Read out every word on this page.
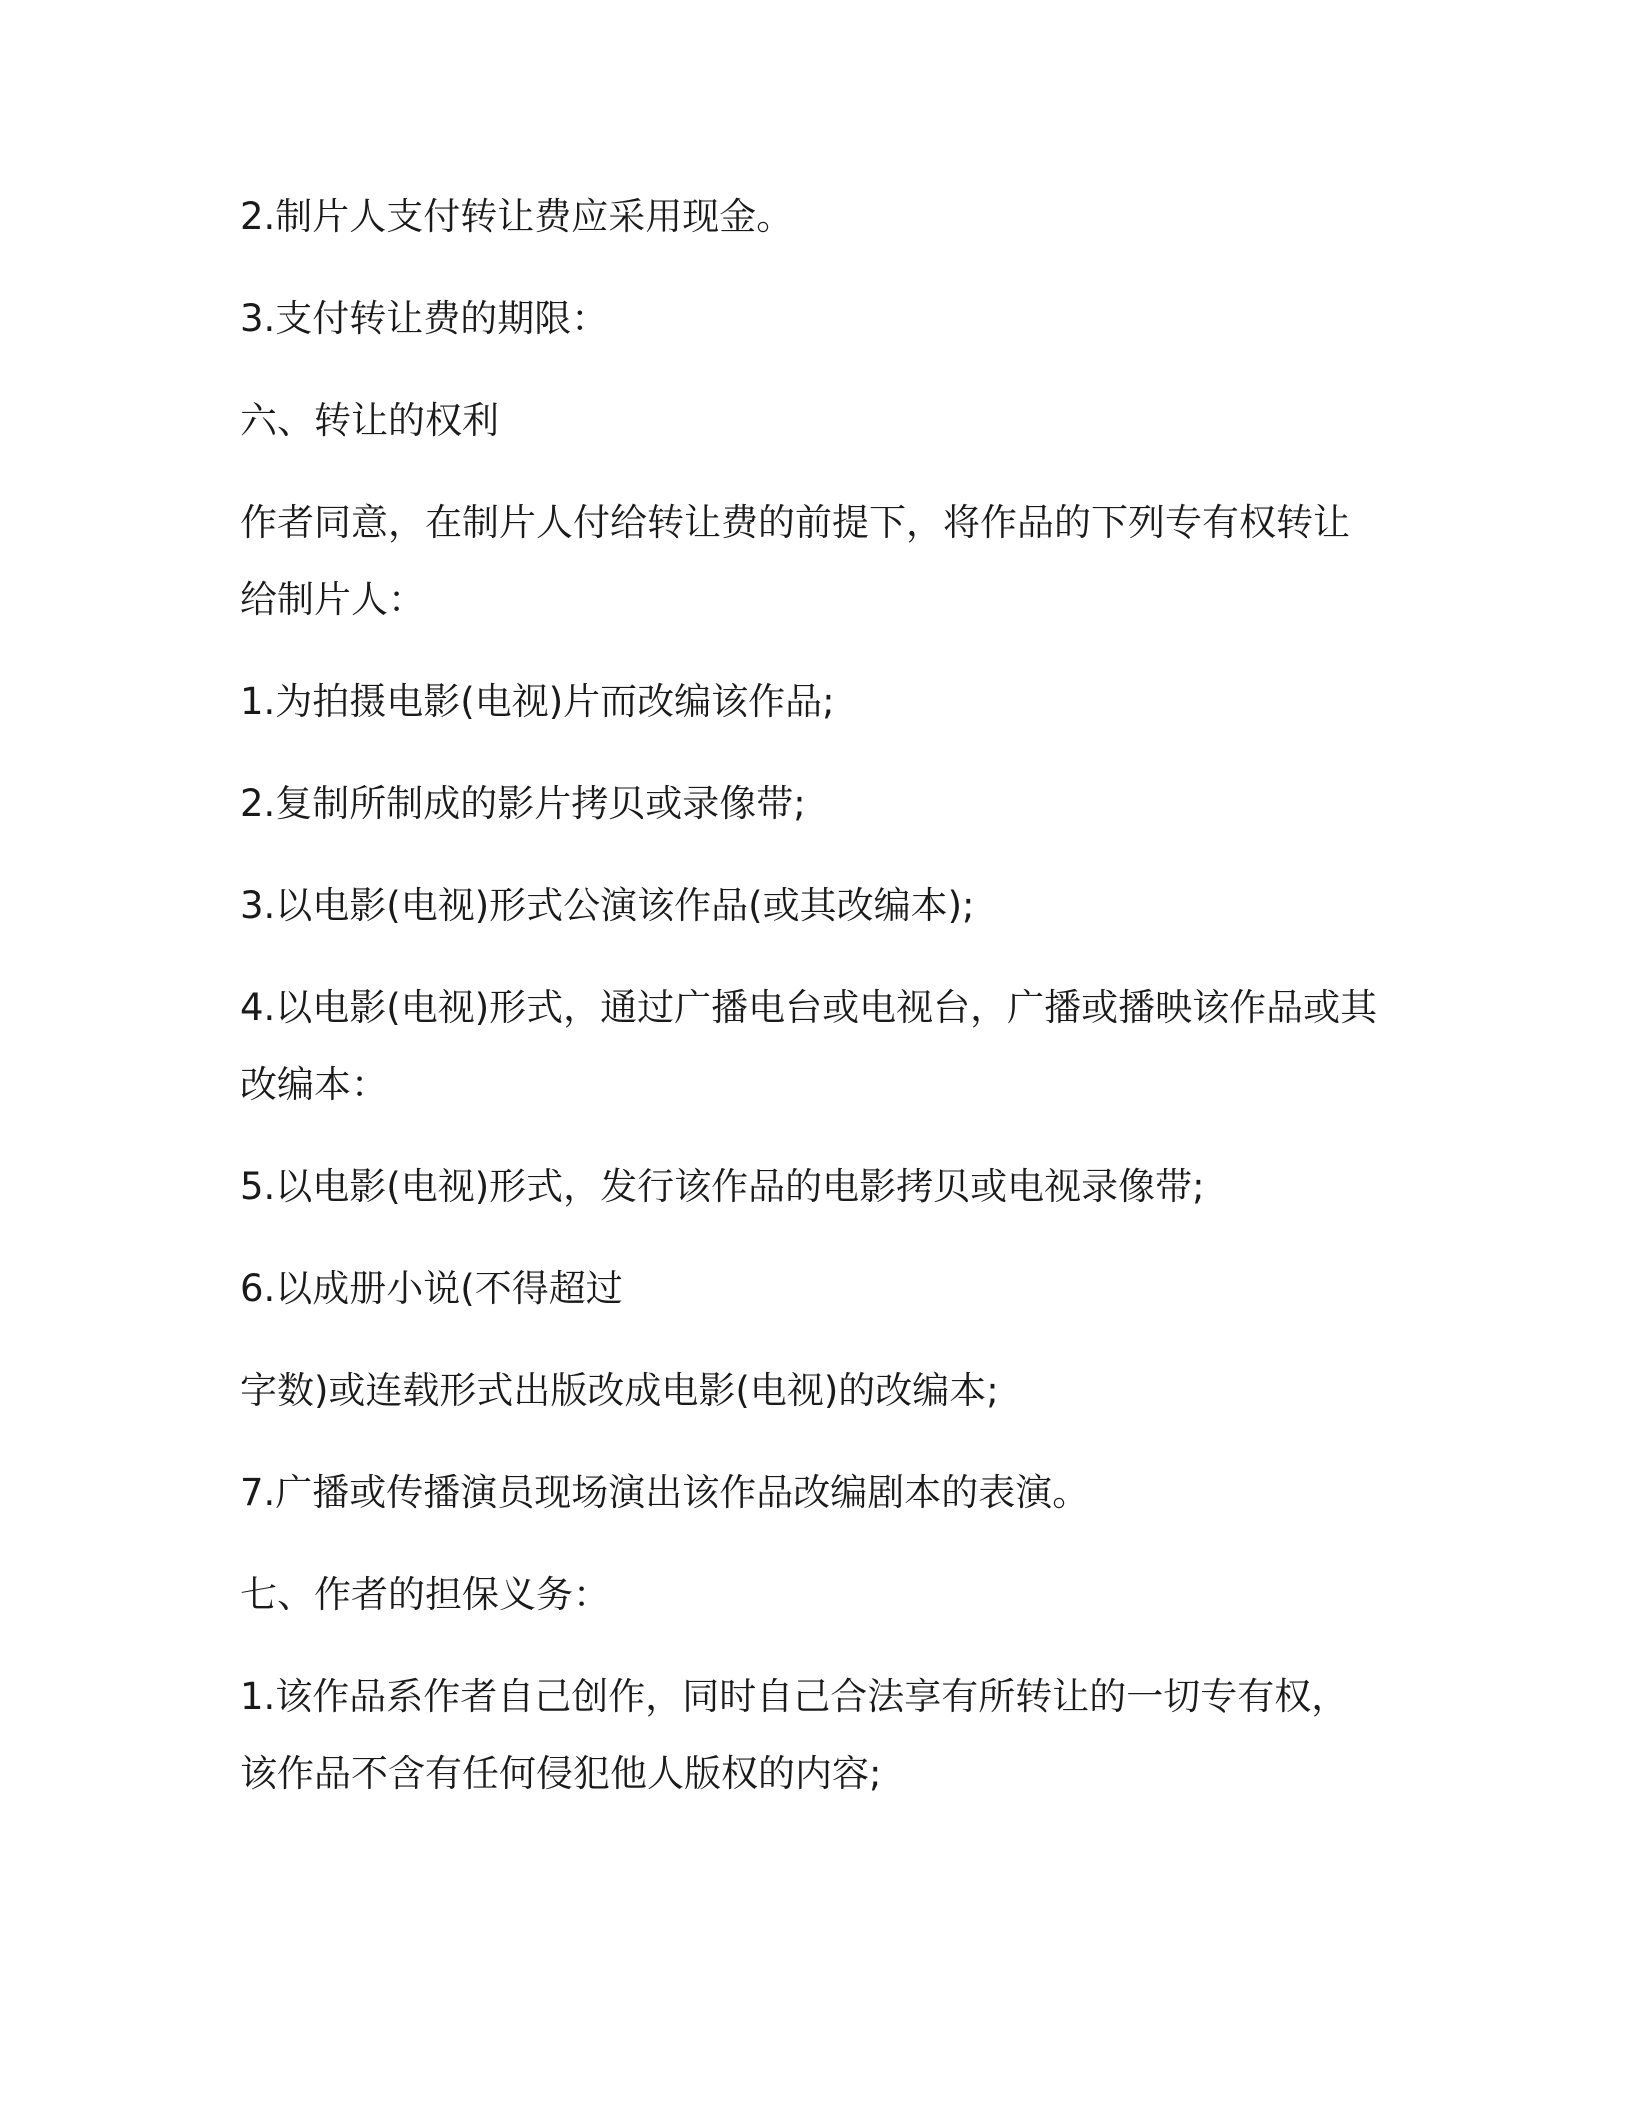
2.制片人支付转让费应采用现金。

3.支付转让费的期限：

六、转让的权利

作者同意，在制片人付给转让费的前提下，将作品的下列专有权转让

给制片人：

1.为拍摄电影(电视)片而改编该作品;

2.复制所制成的影片拷贝或录像带;

3.以电影(电视)形式公演该作品(或其改编本);

4.以电影(电视)形式，通过广播电台或电视台，广播或播映该作品或其

改编本：

5.以电影(电视)形式，发行该作品的电影拷贝或电视录像带;

6.以成册小说(不得超过

字数)或连载形式出版改成电影(电视)的改编本;

7.广播或传播演员现场演出该作品改编剧本的表演。

七、作者的担保义务：

1.该作品系作者自己创作，同时自己合法享有所转让的一切专有权，

该作品不含有任何侵犯他人版权的内容;
